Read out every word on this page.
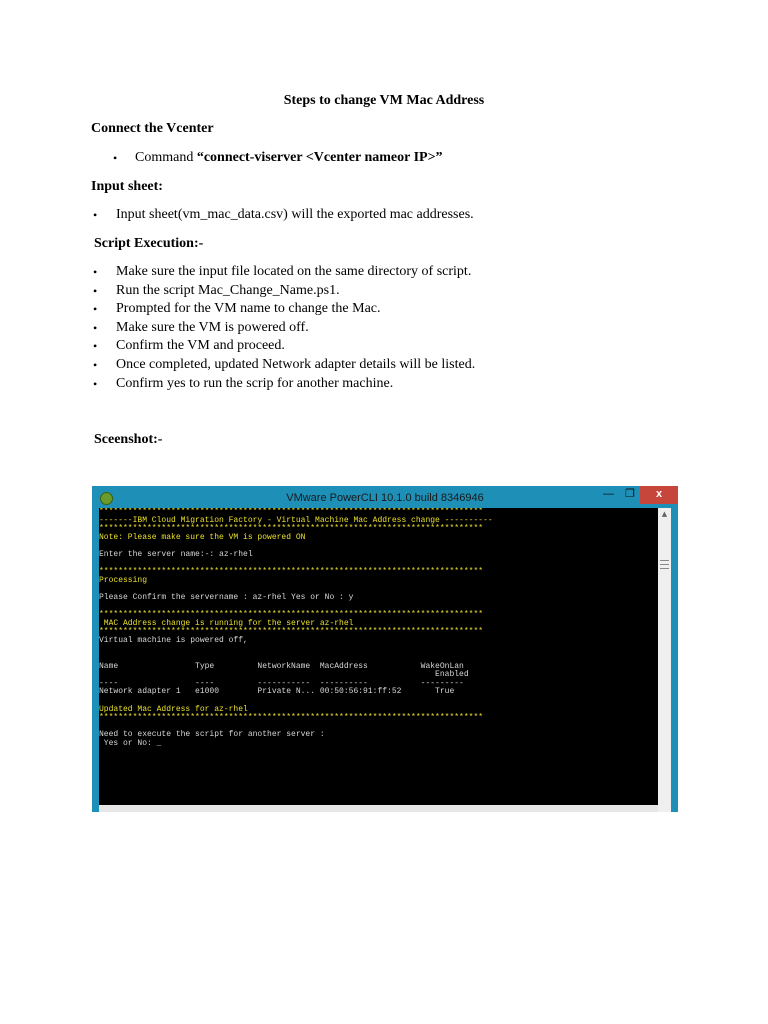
Steps to change VM Mac Address
Connect the Vcenter
• Command “connect-viserver <Vcenter nameor IP>”
Input sheet:
• Input sheet(vm_mac_data.csv) will the exported mac addresses.
Script Execution:-
• Make sure the input file located on the same directory of script.
• Run the script Mac_Change_Name.ps1.
• Prompted for the VM name to change the Mac.
• Make sure the VM is powered off.
• Confirm the VM and proceed.
• Once completed, updated Network adapter details will be listed.
• Confirm yes to run the scrip for another machine.
Sceenshot:-
VMware PowerCLI 10.1.0 build 8346946	—	❐	x
********************************************************************************
-------IBM Cloud Migration Factory - Virtual Machine Mac Address change ----------
********************************************************************************
Note: Please make sure the VM is powered ON

Enter the server name:-: az-rhel

********************************************************************************
Processing

Please Confirm the servername : az-rhel Yes or No : y

********************************************************************************
MAC Address change is running for the server az-rhel
********************************************************************************
Virtual machine is powered off,

Name                Type         NetworkName  MacAddress           WakeOnLan
Enabled
----                ----         -----------  ----------           ---------
Network adapter 1   e1000        Private N... 00:50:56:91:ff:52       True

Updated Mac Address for az-rhel
********************************************************************************

Need to execute the script for another server :
Yes or No: _
▲
